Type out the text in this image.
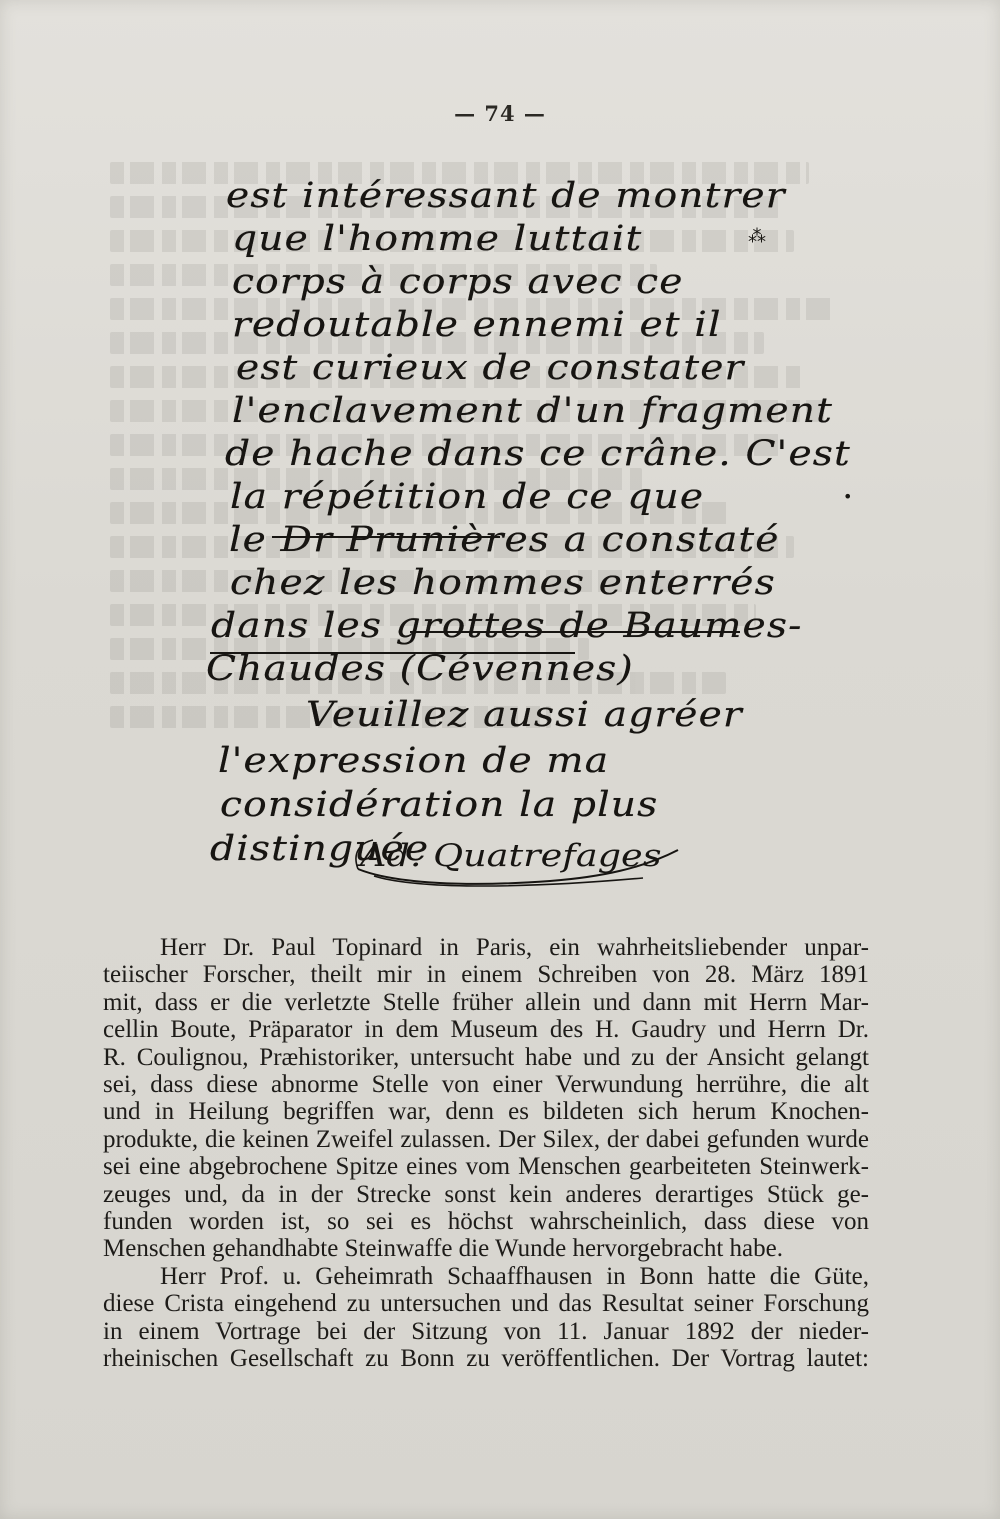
— 74 —
est intéressant de montrer
que l'homme luttait
corps à corps avec ce
redoutable ennemi et il
est curieux de constater
l'enclavement d'un fragment
de hache dans ce crâne. C'est
la répétition de ce que
le Dr Prunières a constaté
chez les hommes enterrés
dans les grottes de Baumes-
Chaudes (Cévennes)
Veuillez aussi agréer
l'expression de ma
considération la plus
distinguée
⁂
•
Ad. Quatrefages

Herr Dr. Paul Topinard in Paris, ein wahrheitsliebender unpar-
teiischer Forscher, theilt mir in einem Schreiben von 28. März 1891
mit, dass er die verletzte Stelle früher allein und dann mit Herrn Mar-
cellin Boute, Präparator in dem Museum des H. Gaudry und Herrn Dr.
R. Coulignou, Præhistoriker, untersucht habe und zu der Ansicht gelangt
sei, dass diese abnorme Stelle von einer Verwundung herrühre, die alt
und in Heilung begriffen war, denn es bildeten sich herum Knochen-
produkte, die keinen Zweifel zulassen. Der Silex, der dabei gefunden wurde
sei eine abgebrochene Spitze eines vom Menschen gearbeiteten Steinwerk-
zeuges und, da in der Strecke sonst kein anderes derartiges Stück ge-
funden worden ist, so sei es höchst wahrscheinlich, dass diese von
Menschen gehandhabte Steinwaffe die Wunde hervorgebracht habe.

Herr Prof. u. Geheimrath Schaaffhausen in Bonn hatte die Güte,
diese Crista eingehend zu untersuchen und das Resultat seiner Forschung
in einem Vortrage bei der Sitzung von 11. Januar 1892 der nieder-
rheinischen Gesellschaft zu Bonn zu veröffentlichen. Der Vortrag lautet:
